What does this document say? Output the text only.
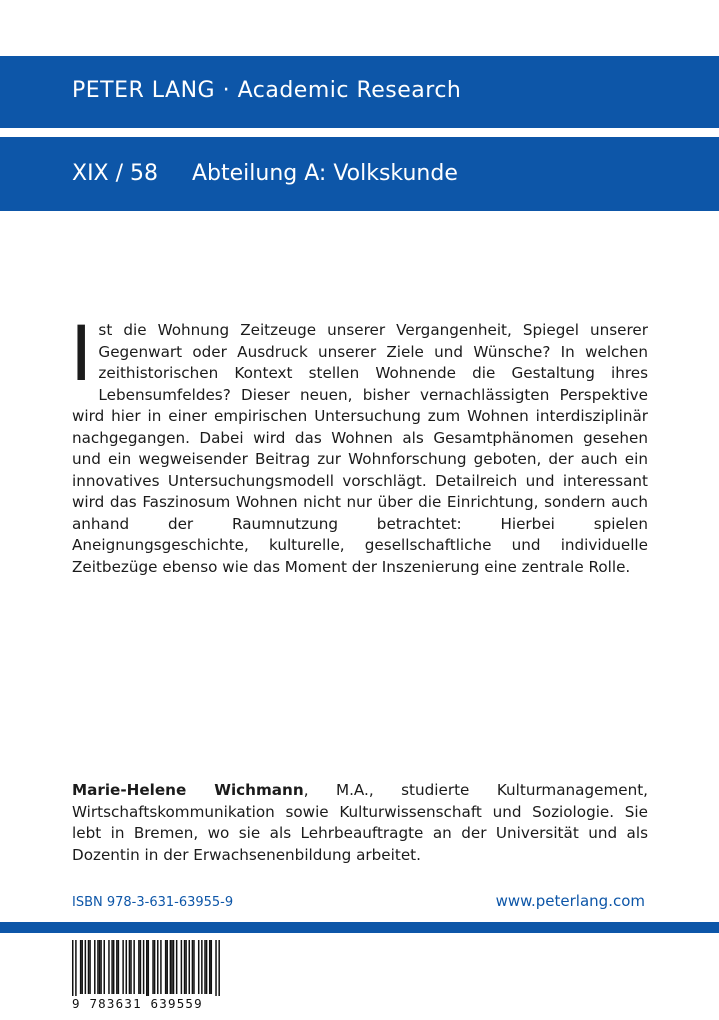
PETER LANG · Academic Research
XIX / 58 Abteilung A: Volkskunde
Ist die Wohnung Zeitzeuge unserer Vergangenheit, Spiegel unserer Gegenwart oder Ausdruck unserer Ziele und Wünsche? In welchen zeithistorischen Kontext stellen Wohnende die Gestaltung ihres Lebensumfeldes? Dieser neuen, bisher vernachlässigten Perspektive wird hier in einer empirischen Untersuchung zum Wohnen interdisziplinär nachgegangen. Dabei wird das Wohnen als Gesamtphänomen gesehen und ein wegweisender Beitrag zur Wohnforschung geboten, der auch ein innovatives Untersuchungsmodell vorschlägt. Detailreich und interessant wird das Faszinosum Wohnen nicht nur über die Einrichtung, sondern auch anhand der Raumnutzung betrachtet: Hierbei spielen Aneignungsgeschichte, kulturelle, gesellschaftliche und individuelle Zeitbezüge ebenso wie das Moment der Inszenierung eine zentrale Rolle.
Marie-Helene Wichmann, M.A., studierte Kulturmanagement, Wirtschaftskommunikation sowie Kulturwissenschaft und Soziologie. Sie lebt in Bremen, wo sie als Lehrbeauftragte an der Universität und als Dozentin in der Erwachsenenbildung arbeitet.
ISBN 978-3-631-63955-9	www.peterlang.com
9 783631 639559
